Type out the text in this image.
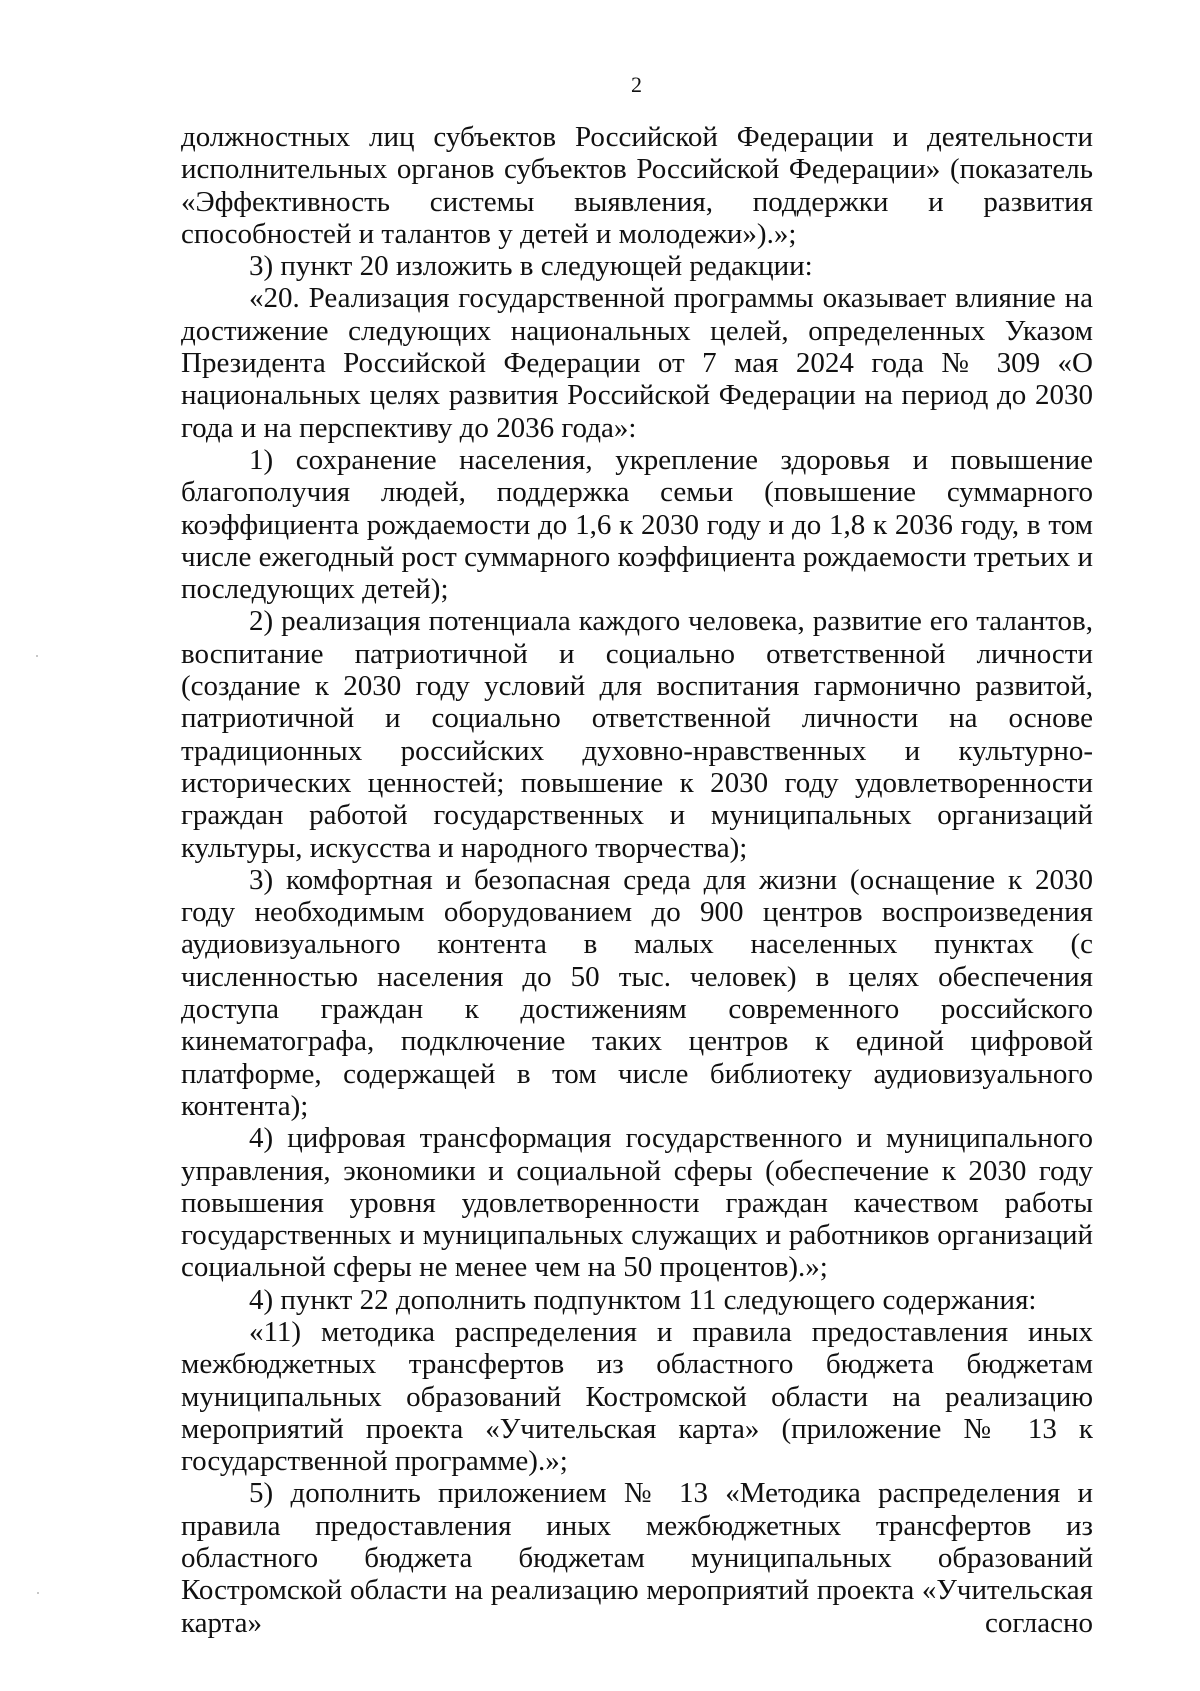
2

должностных лиц субъектов Российской Федерации и деятельности исполнительных органов субъектов Российской Федерации» (показатель «Эффективность системы выявления, поддержки и развития способностей и талантов у детей и молодежи»).»;

3) пункт 20 изложить в следующей редакции:

«20. Реализация государственной программы оказывает влияние на достижение следующих национальных целей, определенных Указом Президента Российской Федерации от 7 мая 2024 года № 309 «О национальных целях развития Российской Федерации на период до 2030 года и на перспективу до 2036 года»:

1) сохранение населения, укрепление здоровья и повышение благополучия людей, поддержка семьи (повышение суммарного коэффициента рождаемости до 1,6 к 2030 году и до 1,8 к 2036 году, в том числе ежегодный рост суммарного коэффициента рождаемости третьих и последующих детей);

2) реализация потенциала каждого человека, развитие его талантов, воспитание патриотичной и социально ответственной личности (создание к 2030 году условий для воспитания гармонично развитой, патриотичной и социально ответственной личности на основе традиционных российских духовно-нравственных и культурно-исторических ценностей; повышение к 2030 году удовлетворенности граждан работой государственных и муниципальных организаций культуры, искусства и народного творчества);

3) комфортная и безопасная среда для жизни (оснащение к 2030 году необходимым оборудованием до 900 центров воспроизведения аудиовизуального контента в малых населенных пунктах (с численностью населения до 50 тыс. человек) в целях обеспечения доступа граждан к достижениям современного российского кинематографа, подключение таких центров к единой цифровой платформе, содержащей в том числе библиотеку аудиовизуального контента);

4) цифровая трансформация государственного и муниципального управления, экономики и социальной сферы (обеспечение к 2030 году повышения уровня удовлетворенности граждан качеством работы государственных и муниципальных служащих и работников организаций социальной сферы не менее чем на 50 процентов).»;

4) пункт 22 дополнить подпунктом 11 следующего содержания:

«11) методика распределения и правила предоставления иных межбюджетных трансфертов из областного бюджета бюджетам муниципальных образований Костромской области на реализацию мероприятий проекта «Учительская карта» (приложение № 13 к государственной программе).»;

5) дополнить приложением № 13 «Методика распределения и правила предоставления иных межбюджетных трансфертов из областного бюджета бюджетам муниципальных образований Костромской области на реализацию мероприятий проекта «Учительская карта» согласно
